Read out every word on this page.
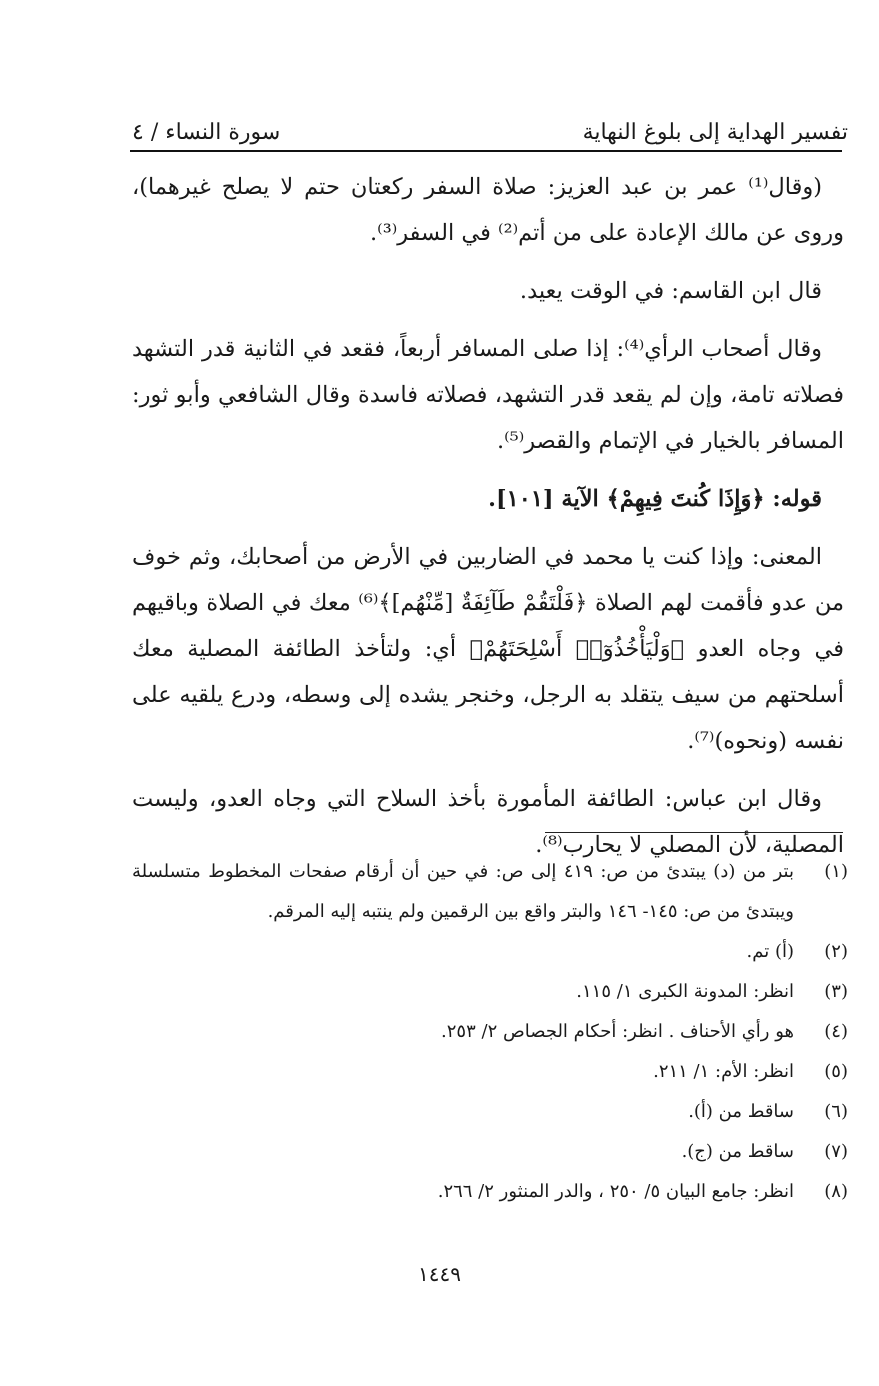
تفسير الهداية إلى بلوغ النهاية
سورة النساء / ٤

(وقال⁽¹⁾ عمر بن عبد العزيز: صلاة السفر ركعتان حتم لا يصلح غيرهما)، وروى عن مالك الإعادة على من أتم⁽²⁾ في السفر⁽³⁾.

قال ابن القاسم: في الوقت يعيد.

وقال أصحاب الرأي⁽⁴⁾: إذا صلى المسافر أربعاً، فقعد في الثانية قدر التشهد فصلاته تامة، وإن لم يقعد قدر التشهد، فصلاته فاسدة وقال الشافعي وأبو ثور: المسافر بالخيار في الإتمام والقصر⁽⁵⁾.

قوله: ﴿وَإِذَا كُنتَ فِيهِمْ﴾ الآية [١٠١].

المعنى: وإذا كنت يا محمد في الضاربين في الأرض من أصحابك، وثم خوف من عدو فأقمت لهم الصلاة ﴿فَلْتَقُمْ طَآئِفَةٌ [مِّنْهُم]﴾⁽⁶⁾ معك في الصلاة وباقيهم في وجاه العدو ﴿وَلْيَأْخُذُوٓا۟ أَسْلِحَتَهُمْ﴾ أي: ولتأخذ الطائفة المصلية معك أسلحتهم من سيف يتقلد به الرجل، وخنجر يشده إلى وسطه، ودرع يلقيه على نفسه (ونحوه)⁽⁷⁾.

وقال ابن عباس: الطائفة المأمورة بأخذ السلاح التي وجاه العدو، وليست المصلية، لأن المصلي لا يحارب⁽⁸⁾.

(١)
بتر من (د) يبتدئ من ص: ٤١٩ إلى ص: في حين أن أرقام صفحات المخطوط متسلسلة ويبتدئ من ص: ١٤٥- ١٤٦ والبتر واقع بين الرقمين ولم ينتبه إليه المرقم.
(٢)
(أ) تم.
(٣)
انظر: المدونة الكبرى ١/ ١١٥.
(٤)
هو رأي الأحناف . انظر: أحكام الجصاص ٢/ ٢٥٣.
(٥)
انظر: الأم: ١/ ٢١١.
(٦)
ساقط من (أ).
(٧)
ساقط من (ج).
(٨)
انظر: جامع البيان ٥/ ٢٥٠ ، والدر المنثور ٢/ ٢٦٦.
١٤٤٩
